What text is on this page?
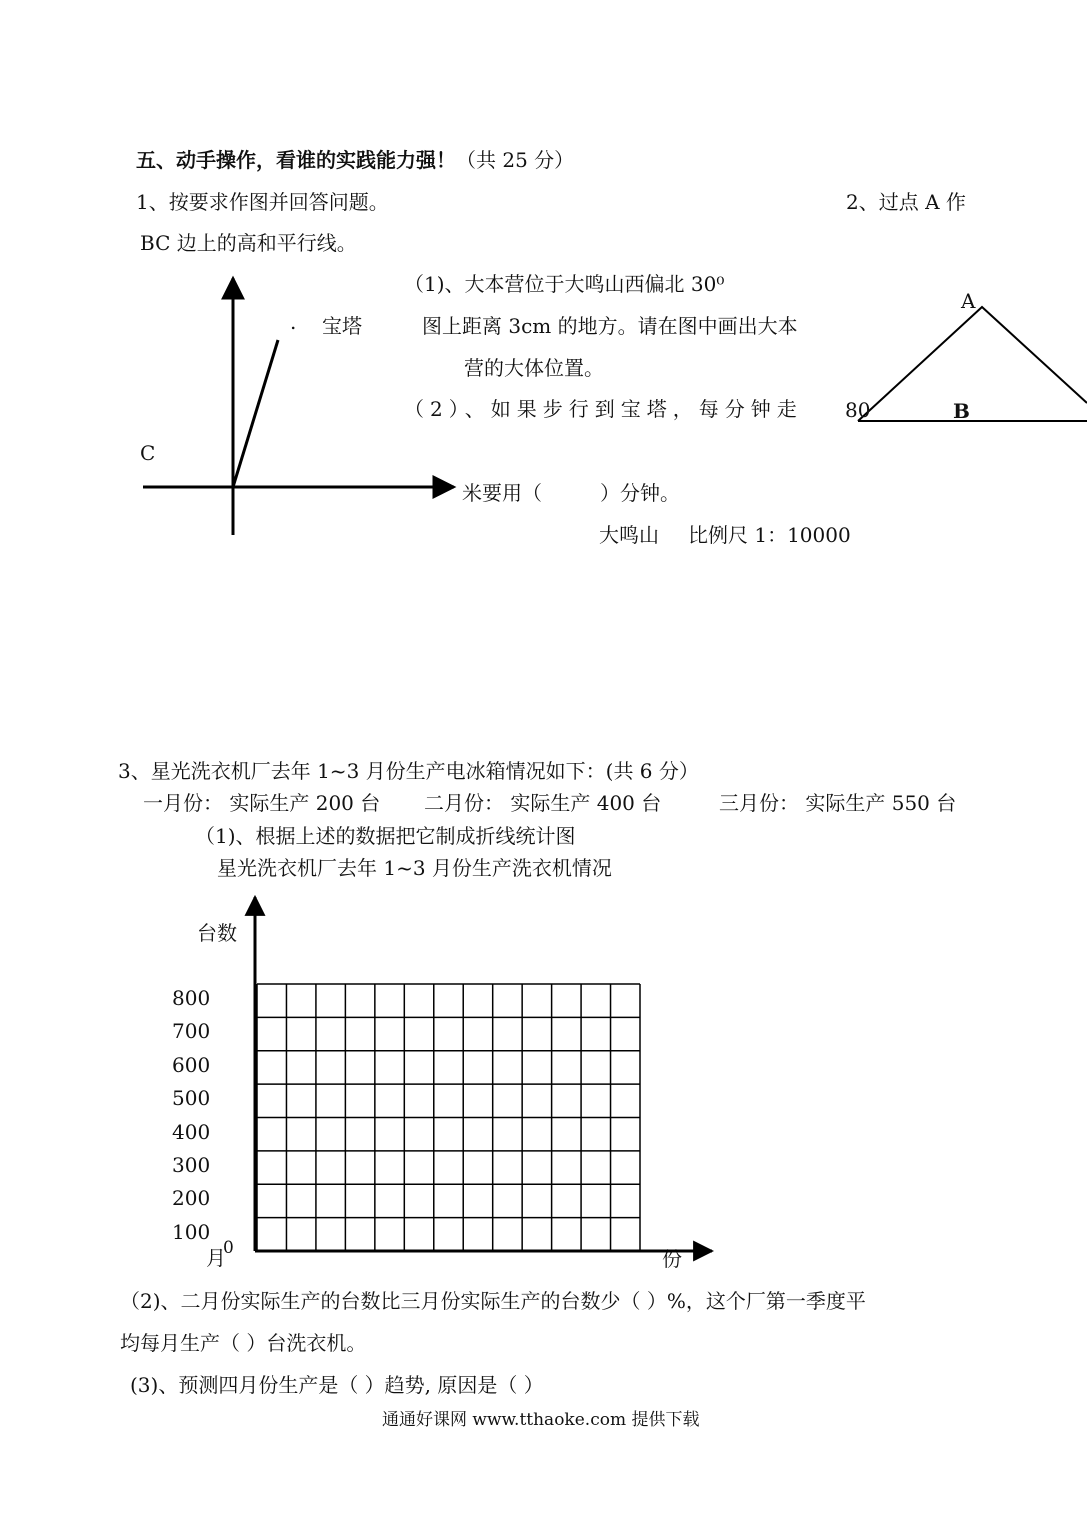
五、动手操作，看谁的实践能力强！（共 25 分）
1、按要求作图并回答问题。	2、过点 A 作
BC 边上的高和平行线。
. 宝塔
C
（1)、大本营位于大鸣山西偏北 30⁰
图上距离 3cm 的地方。请在图中画出大本
营的大体位置。
（2）、如果步行到宝塔，每分钟走
米要用（	）分钟。
大鸣山 比例尺 1：10000
A
80	B
3、星光洗衣机厂去年 1~3 月份生产电冰箱情况如下：(共 6 分）
一月份： 实际生产 200 台 二月份： 实际生产 400 台	三月份： 实际生产 550 台
（1)、根据上述的数据把它制成折线统计图
星光洗衣机厂去年 1~3 月份生产洗衣机情况
台数
800
700
600
500
400
300
200
100
月
0	份
（2)、二月份实际生产的台数比三月份实际生产的台数少（ ）%，这个厂第一季度平
均每月生产（ ）台洗衣机。
(3)、预测四月份生产是（ ）趋势, 原因是（ ）
通通好课网 www.tthaoke.com 提供下载
